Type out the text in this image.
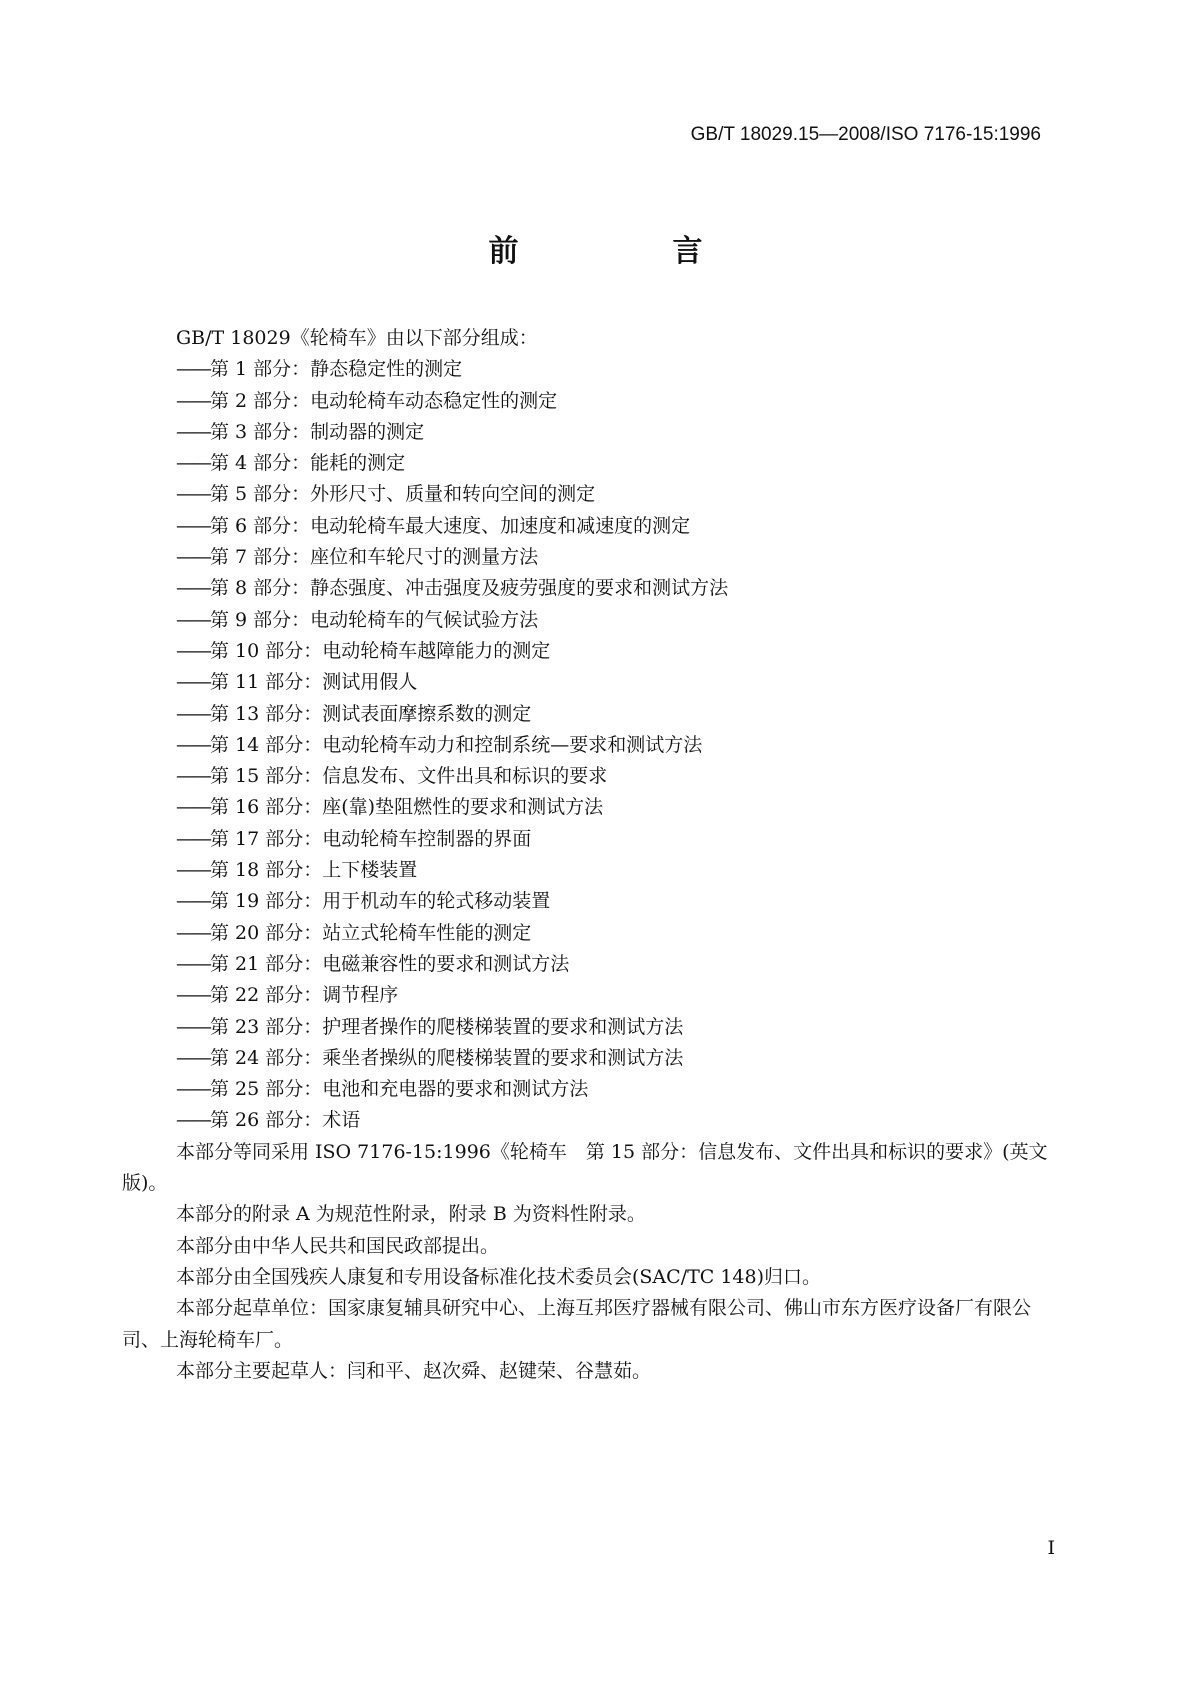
GB/T 18029.15—2008/ISO 7176-15:1996
前　言

GB/T 18029《轮椅车》由以下部分组成：

——第 1 部分：静态稳定性的测定
——第 2 部分：电动轮椅车动态稳定性的测定
——第 3 部分：制动器的测定
——第 4 部分：能耗的测定
——第 5 部分：外形尺寸、质量和转向空间的测定
——第 6 部分：电动轮椅车最大速度、加速度和减速度的测定
——第 7 部分：座位和车轮尺寸的测量方法
——第 8 部分：静态强度、冲击强度及疲劳强度的要求和测试方法
——第 9 部分：电动轮椅车的气候试验方法
——第 10 部分：电动轮椅车越障能力的测定
——第 11 部分：测试用假人
——第 13 部分：测试表面摩擦系数的测定
——第 14 部分：电动轮椅车动力和控制系统—要求和测试方法
——第 15 部分：信息发布、文件出具和标识的要求
——第 16 部分：座(靠)垫阻燃性的要求和测试方法
——第 17 部分：电动轮椅车控制器的界面
——第 18 部分：上下楼装置
——第 19 部分：用于机动车的轮式移动装置
——第 20 部分：站立式轮椅车性能的测定
——第 21 部分：电磁兼容性的要求和测试方法
——第 22 部分：调节程序
——第 23 部分：护理者操作的爬楼梯装置的要求和测试方法
——第 24 部分：乘坐者操纵的爬楼梯装置的要求和测试方法
——第 25 部分：电池和充电器的要求和测试方法
——第 26 部分：术语

本部分等同采用 ISO 7176-15:1996《轮椅车　第 15 部分：信息发布、文件出具和标识的要求》(英文版)。

本部分的附录 A 为规范性附录，附录 B 为资料性附录。

本部分由中华人民共和国民政部提出。

本部分由全国残疾人康复和专用设备标准化技术委员会(SAC/TC 148)归口。

本部分起草单位：国家康复辅具研究中心、上海互邦医疗器械有限公司、佛山市东方医疗设备厂有限公司、上海轮椅车厂。

本部分主要起草人：闫和平、赵次舜、赵键荣、谷慧茹。

I
